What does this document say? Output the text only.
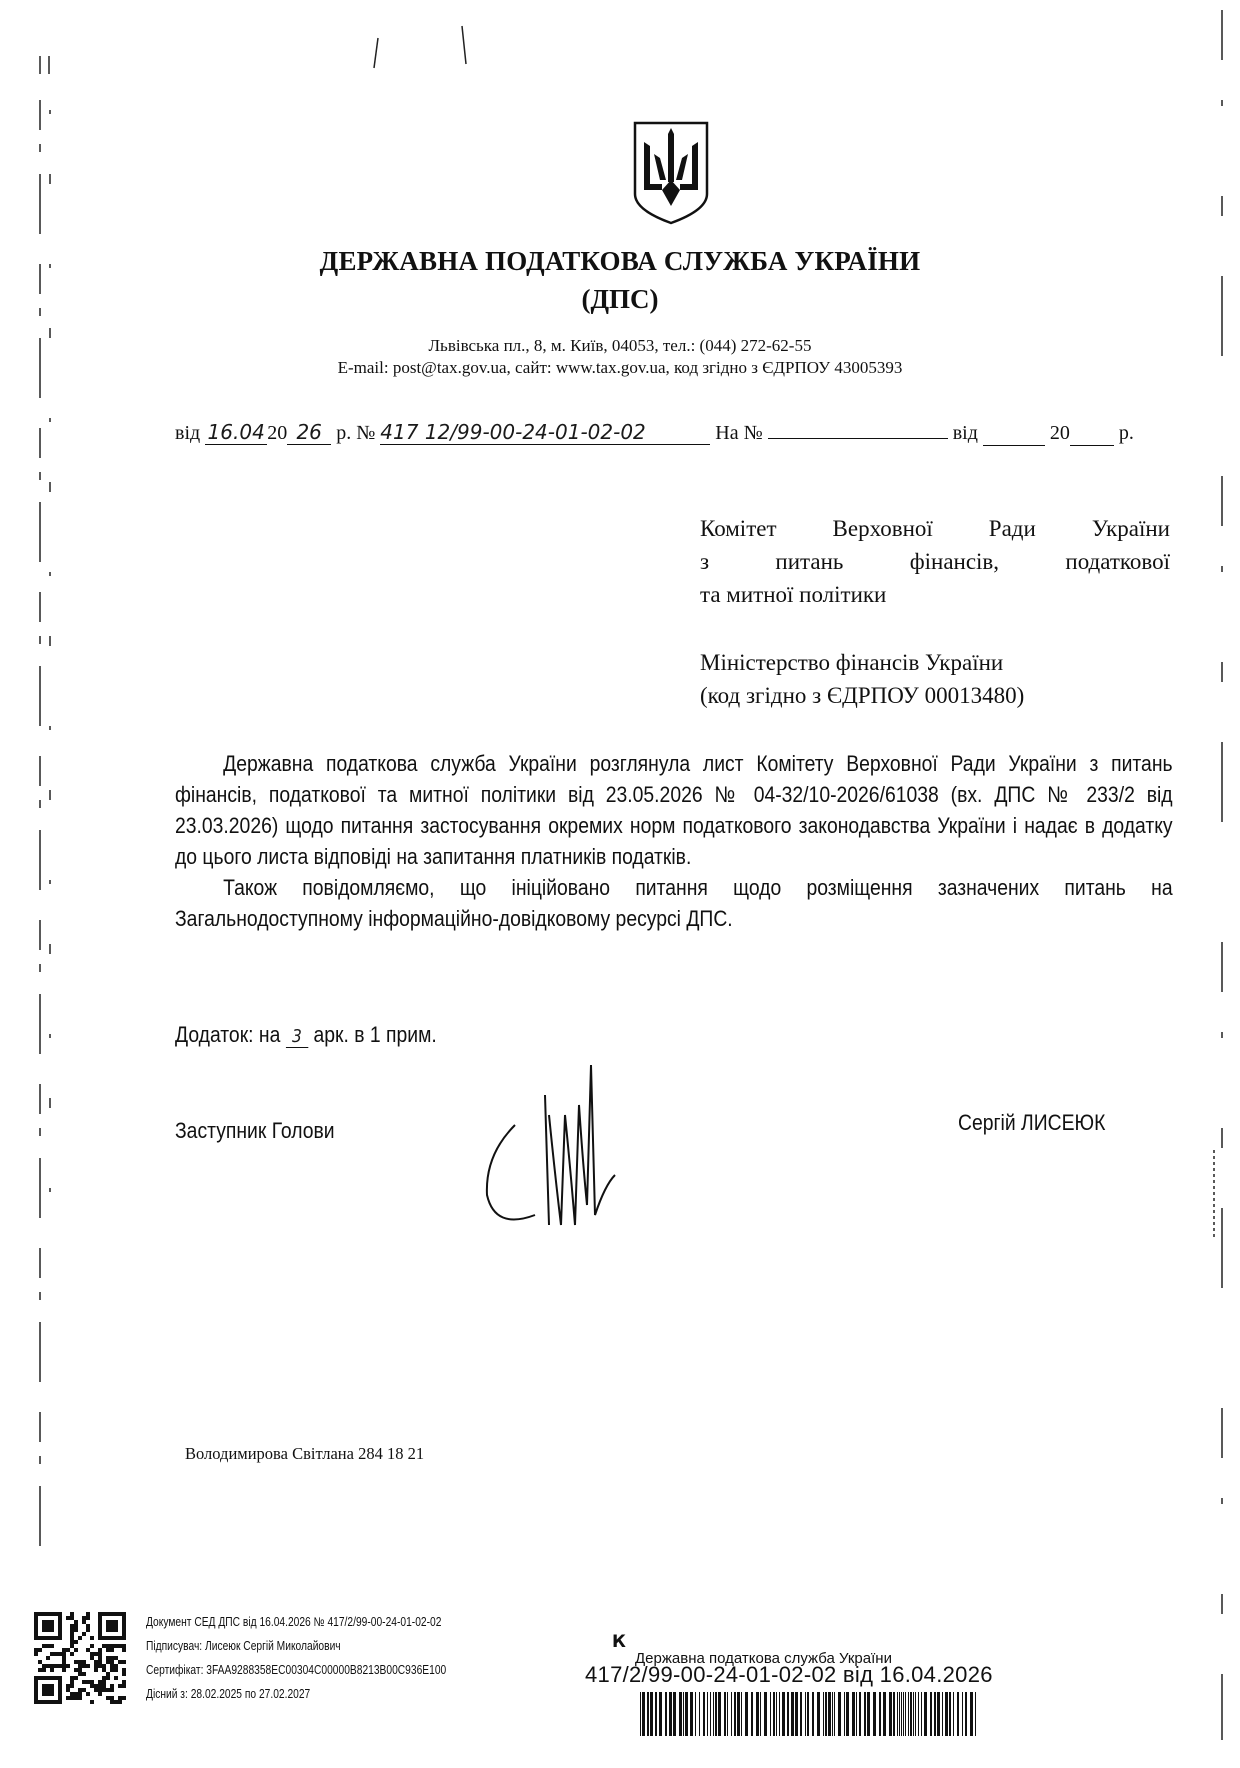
ДЕРЖАВНА ПОДАТКОВА СЛУЖБА УКРАЇНИ
(ДПС)
Львівська пл., 8, м. Київ, 04053, тел.: (044) 272-62-55
E-mail: post@tax.gov.ua, сайт: www.tax.gov.ua, код згідно з ЄДРПОУ 43005393
від 16.04 20 26 р. № 417 12/99-00-24-01-02-02	На №	від	20 р.
Комітет Верховної Ради України
з питань фінансів, податкової
та митної політики
Міністерство фінансів України
(код згідно з ЄДРПОУ 00013480)

Державна податкова служба України розглянула лист Комітету Верховної Ради України з питань фінансів, податкової та митної політики від 23.05.2026 № 04-32/10-2026/61038 (вх. ДПС № 233/2 від 23.03.2026) щодо питання застосування окремих норм податкового законодавства України і надає в додатку до цього листа відповіді на запитання платників податків.

Також повідомляємо, що ініційовано питання щодо розміщення зазначених питань на Загальнодоступному інформаційно-довідковому ресурсі ДПС.

Додаток: на 3 арк. в 1 прим.
Заступник Голови	Сергій ЛИСЕЮК
Володимирова Світлана 284 18 21
Документ СЕД ДПС від 16.04.2026 № 417/2/99-00-24-01-02-02
Підписувач: Лисеюк Сергій Миколайович
Сертифікат: 3FAA9288358EC00304C00000B8213B00C936E100
Дісний з: 28.02.2025 по 27.02.2027
К
Державна податкова служба України
417/2/99-00-24-01-02-02 від 16.04.2026
